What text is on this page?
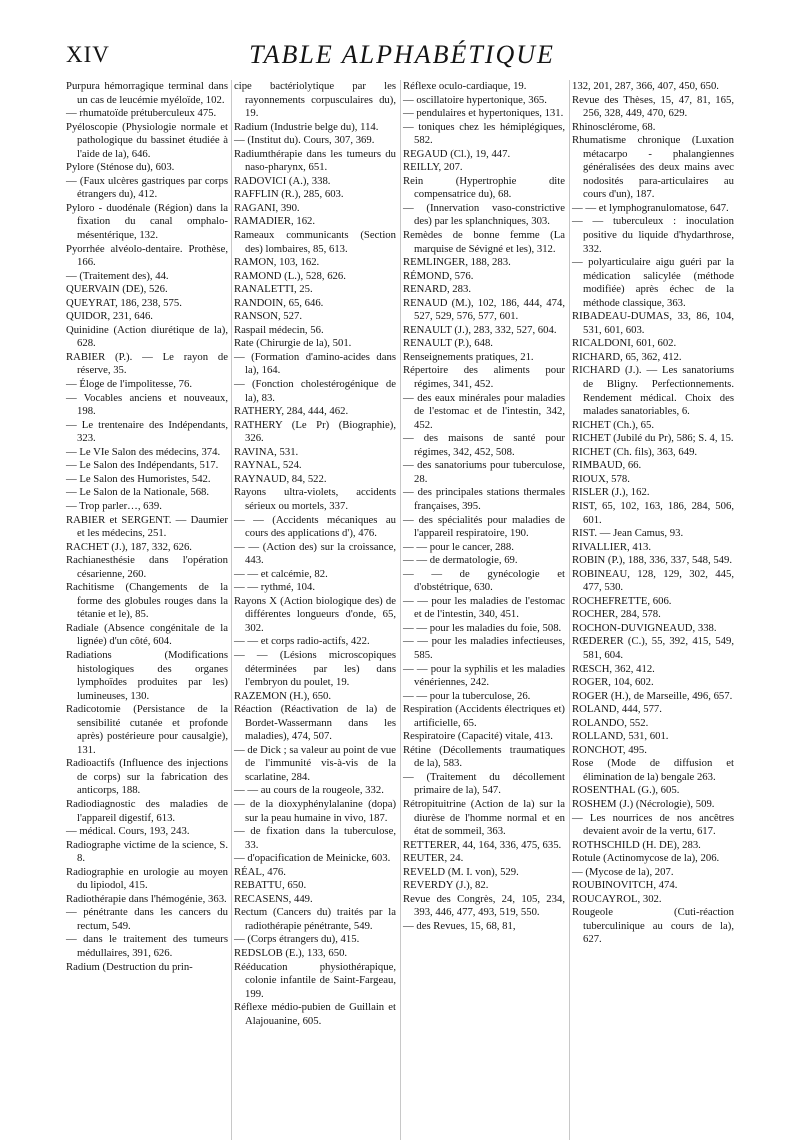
XIV	TABLE ALPHABÉTIQUE

Purpura hémorragique terminal dans un cas de leucémie myéloïde, 102.

— rhumatoïde prétuberculeux 475.

Pyéloscopie (Physiologie normale et pathologique du bassinet étudiée à l'aide de la), 646.

Pylore (Sténose du), 603.

— (Faux ulcères gastriques par corps étrangers du), 412.

Pyloro - duodénale (Région) dans la fixation du canal omphalo-mésentérique, 132.

Pyorrhée alvéolo-dentaire. Prothèse, 166.

— (Traitement des), 44.

QUERVAIN (DE), 526.

QUEYRAT, 186, 238, 575.

QUIDOR, 231, 646.

Quinidine (Action diurétique de la), 628.

RABIER (P.). — Le rayon de réserve, 35.

— Éloge de l'impolitesse, 76.

— Vocables anciens et nouveaux, 198.

— Le trentenaire des Indépendants, 323.

— Le VIe Salon des médecins, 374.

— Le Salon des Indépendants, 517.

— Le Salon des Humoristes, 542.

— Le Salon de la Nationale, 568.

— Trop parler…, 639.

RABIER et SERGENT. — Daumier et les médecins, 251.

RACHET (J.), 187, 332, 626.

Rachianesthésie dans l'opération césarienne, 260.

Rachitisme (Changements de la forme des globules rouges dans la tétanie et le), 85.

Radiale (Absence congénitale de la lignée) d'un côté, 604.

Radiations (Modifications histologiques des organes lymphoïdes produites par les) lumineuses, 130.

Radicotomie (Persistance de la sensibilité cutanée et profonde après) postérieure pour causalgie), 131.

Radioactifs (Influence des injections de corps) sur la fabrication des anticorps, 188.

Radiodiagnostic des maladies de l'appareil digestif, 613.

— médical. Cours, 193, 243.

Radiographe victime de la science, S. 8.

Radiographie en urologie au moyen du lipiodol, 415.

Radiothérapie dans l'hémogénie, 363.

— pénétrante dans les cancers du rectum, 549.

— dans le traitement des tumeurs médullaires, 391, 626.

Radium (Destruction du prin-

cipe bactériolytique par les rayonnements corpusculaires du), 19.

Radium (Industrie belge du), 114.

— (Institut du). Cours, 307, 369.

Radiumthérapie dans les tumeurs du naso-pharynx, 651.

RADOVICI (A.), 338.

RAFFLIN (R.), 285, 603.

RAGANI, 390.

RAMADIER, 162.

Rameaux communicants (Section des) lombaires, 85, 613.

RAMON, 103, 162.

RAMOND (L.), 528, 626.

RANALETTI, 25.

RANDOIN, 65, 646.

RANSON, 527.

Raspail médecin, 56.

Rate (Chirurgie de la), 501.

— (Formation d'amino-acides dans la), 164.

— (Fonction cholestérogénique de la), 83.

RATHERY, 284, 444, 462.

RATHERY (Le Pr) (Biographie), 326.

RAVINA, 531.

RAYNAL, 524.

RAYNAUD, 84, 522.

Rayons ultra-violets, accidents sérieux ou mortels, 337.

— — (Accidents mécaniques au cours des applications d'), 476.

— — (Action des) sur la croissance, 443.

— — et calcémie, 82.

— — rythmé, 104.

Rayons X (Action biologique des) de différentes longueurs d'onde, 65, 302.

— — et corps radio-actifs, 422.

— — (Lésions microscopiques déterminées par les) dans l'embryon du poulet, 19.

RAZEMON (H.), 650.

Réaction (Réactivation de la) de Bordet-Wassermann dans les maladies), 474, 507.

— de Dick ; sa valeur au point de vue de l'immunité vis-à-vis de la scarlatine, 284.

— — au cours de la rougeole, 332.

— de la dioxyphénylalanine (dopa) sur la peau humaine in vivo, 187.

— de fixation dans la tuberculose, 33.

— d'opacification de Meinicke, 603.

RÉAL, 476.

REBATTU, 650.

RECASENS, 449.

Rectum (Cancers du) traités par la radiothérapie pénétrante, 549.

— (Corps étrangers du), 415.

REDSLOB (E.), 133, 650.

Rééducation physiothérapique, colonie infantile de Saint-Fargeau, 199.

Réflexe médio-pubien de Guillain et Alajouanine, 605.

Réflexe oculo-cardiaque, 19.

— oscillatoire hypertonique, 365.

— pendulaires et hypertoniques, 131.

— toniques chez les hémiplégiques, 582.

REGAUD (Cl.), 19, 447.

REILLY, 207.

Rein (Hypertrophie dite compensatrice du), 68.

— (Innervation vaso-constrictive des) par les splanchniques, 303.

Remèdes de bonne femme (La marquise de Sévigné et les), 312.

REMLINGER, 188, 283.

RÉMOND, 576.

RENARD, 283.

RENAUD (M.), 102, 186, 444, 474, 527, 529, 576, 577, 601.

RENAULT (J.), 283, 332, 527, 604.

RENAULT (P.), 648.

Renseignements pratiques, 21.

Répertoire des aliments pour régimes, 341, 452.

— des eaux minérales pour maladies de l'estomac et de l'intestin, 342, 452.

— des maisons de santé pour régimes, 342, 452, 508.

— des sanatoriums pour tuberculose, 28.

— des principales stations thermales françaises, 395.

— des spécialités pour maladies de l'appareil respiratoire, 190.

— — pour le cancer, 288.

— — de dermatologie, 69.

— — de gynécologie et d'obstétrique, 630.

— — pour les maladies de l'estomac et de l'intestin, 340, 451.

— — pour les maladies du foie, 508.

— — pour les maladies infectieuses, 585.

— — pour la syphilis et les maladies vénériennes, 242.

— — pour la tuberculose, 26.

Respiration (Accidents électriques et) artificielle, 65.

Respiratoire (Capacité) vitale, 413.

Rétine (Décollements traumatiques de la), 583.

— (Traitement du décollement primaire de la), 547.

Rétropituitrine (Action de la) sur la diurèse de l'homme normal et en état de sommeil, 363.

RETTERER, 44, 164, 336, 475, 635.

REUTER, 24.

REVELD (M. I. von), 529.

REVERDY (J.), 82.

Revue des Congrès, 24, 105, 234, 393, 446, 477, 493, 519, 550.

— des Revues, 15, 68, 81,

132, 201, 287, 366, 407, 450, 650.

Revue des Thèses, 15, 47, 81, 165, 256, 328, 449, 470, 629.

Rhinosclérome, 68.

Rhumatisme chronique (Luxation métacarpo - phalangiennes généralisées des deux mains avec nodosités para-articulaires au cours d'un), 187.

— — et lymphogranulomatose, 647.

— — tuberculeux : inoculation positive du liquide d'hydarthrose, 332.

— polyarticulaire aigu guéri par la médication salicylée (méthode modifiée) après échec de la méthode classique, 363.

RIBADEAU-DUMAS, 33, 86, 104, 531, 601, 603.

RICALDONI, 601, 602.

RICHARD, 65, 362, 412.

RICHARD (J.). — Les sanatoriums de Bligny. Perfectionnements. Rendement médical. Choix des malades sanatoriables, 6.

RICHET (Ch.), 65.

RICHET (Jubilé du Pr), 586; S. 4, 15.

RICHET (Ch. fils), 363, 649.

RIMBAUD, 66.

RIOUX, 578.

RISLER (J.), 162.

RIST, 65, 102, 163, 186, 284, 506, 601.

RIST. — Jean Camus, 93.

RIVALLIER, 413.

ROBIN (P.), 188, 336, 337, 548, 549.

ROBINEAU, 128, 129, 302, 445, 477, 530.

ROCHEFRETTE, 606.

ROCHER, 284, 578.

ROCHON-DUVIGNEAUD, 338.

RŒDERER (C.), 55, 392, 415, 549, 581, 604.

RŒSCH, 362, 412.

ROGER, 104, 602.

ROGER (H.), de Marseille, 496, 657.

ROLAND, 444, 577.

ROLANDO, 552.

ROLLAND, 531, 601.

RONCHOT, 495.

Rose (Mode de diffusion et élimination de la) bengale 263.

ROSENTHAL (G.), 605.

ROSHEM (J.) (Nécrologie), 509.

— Les nourrices de nos ancêtres devaient avoir de la vertu, 617.

ROTHSCHILD (H. DE), 283.

Rotule (Actinomycose de la), 206.

— (Mycose de la), 207.

ROUBINOVITCH, 474.

ROUCAYROL, 302.

Rougeole (Cuti-réaction tuberculinique au cours de la), 627.
